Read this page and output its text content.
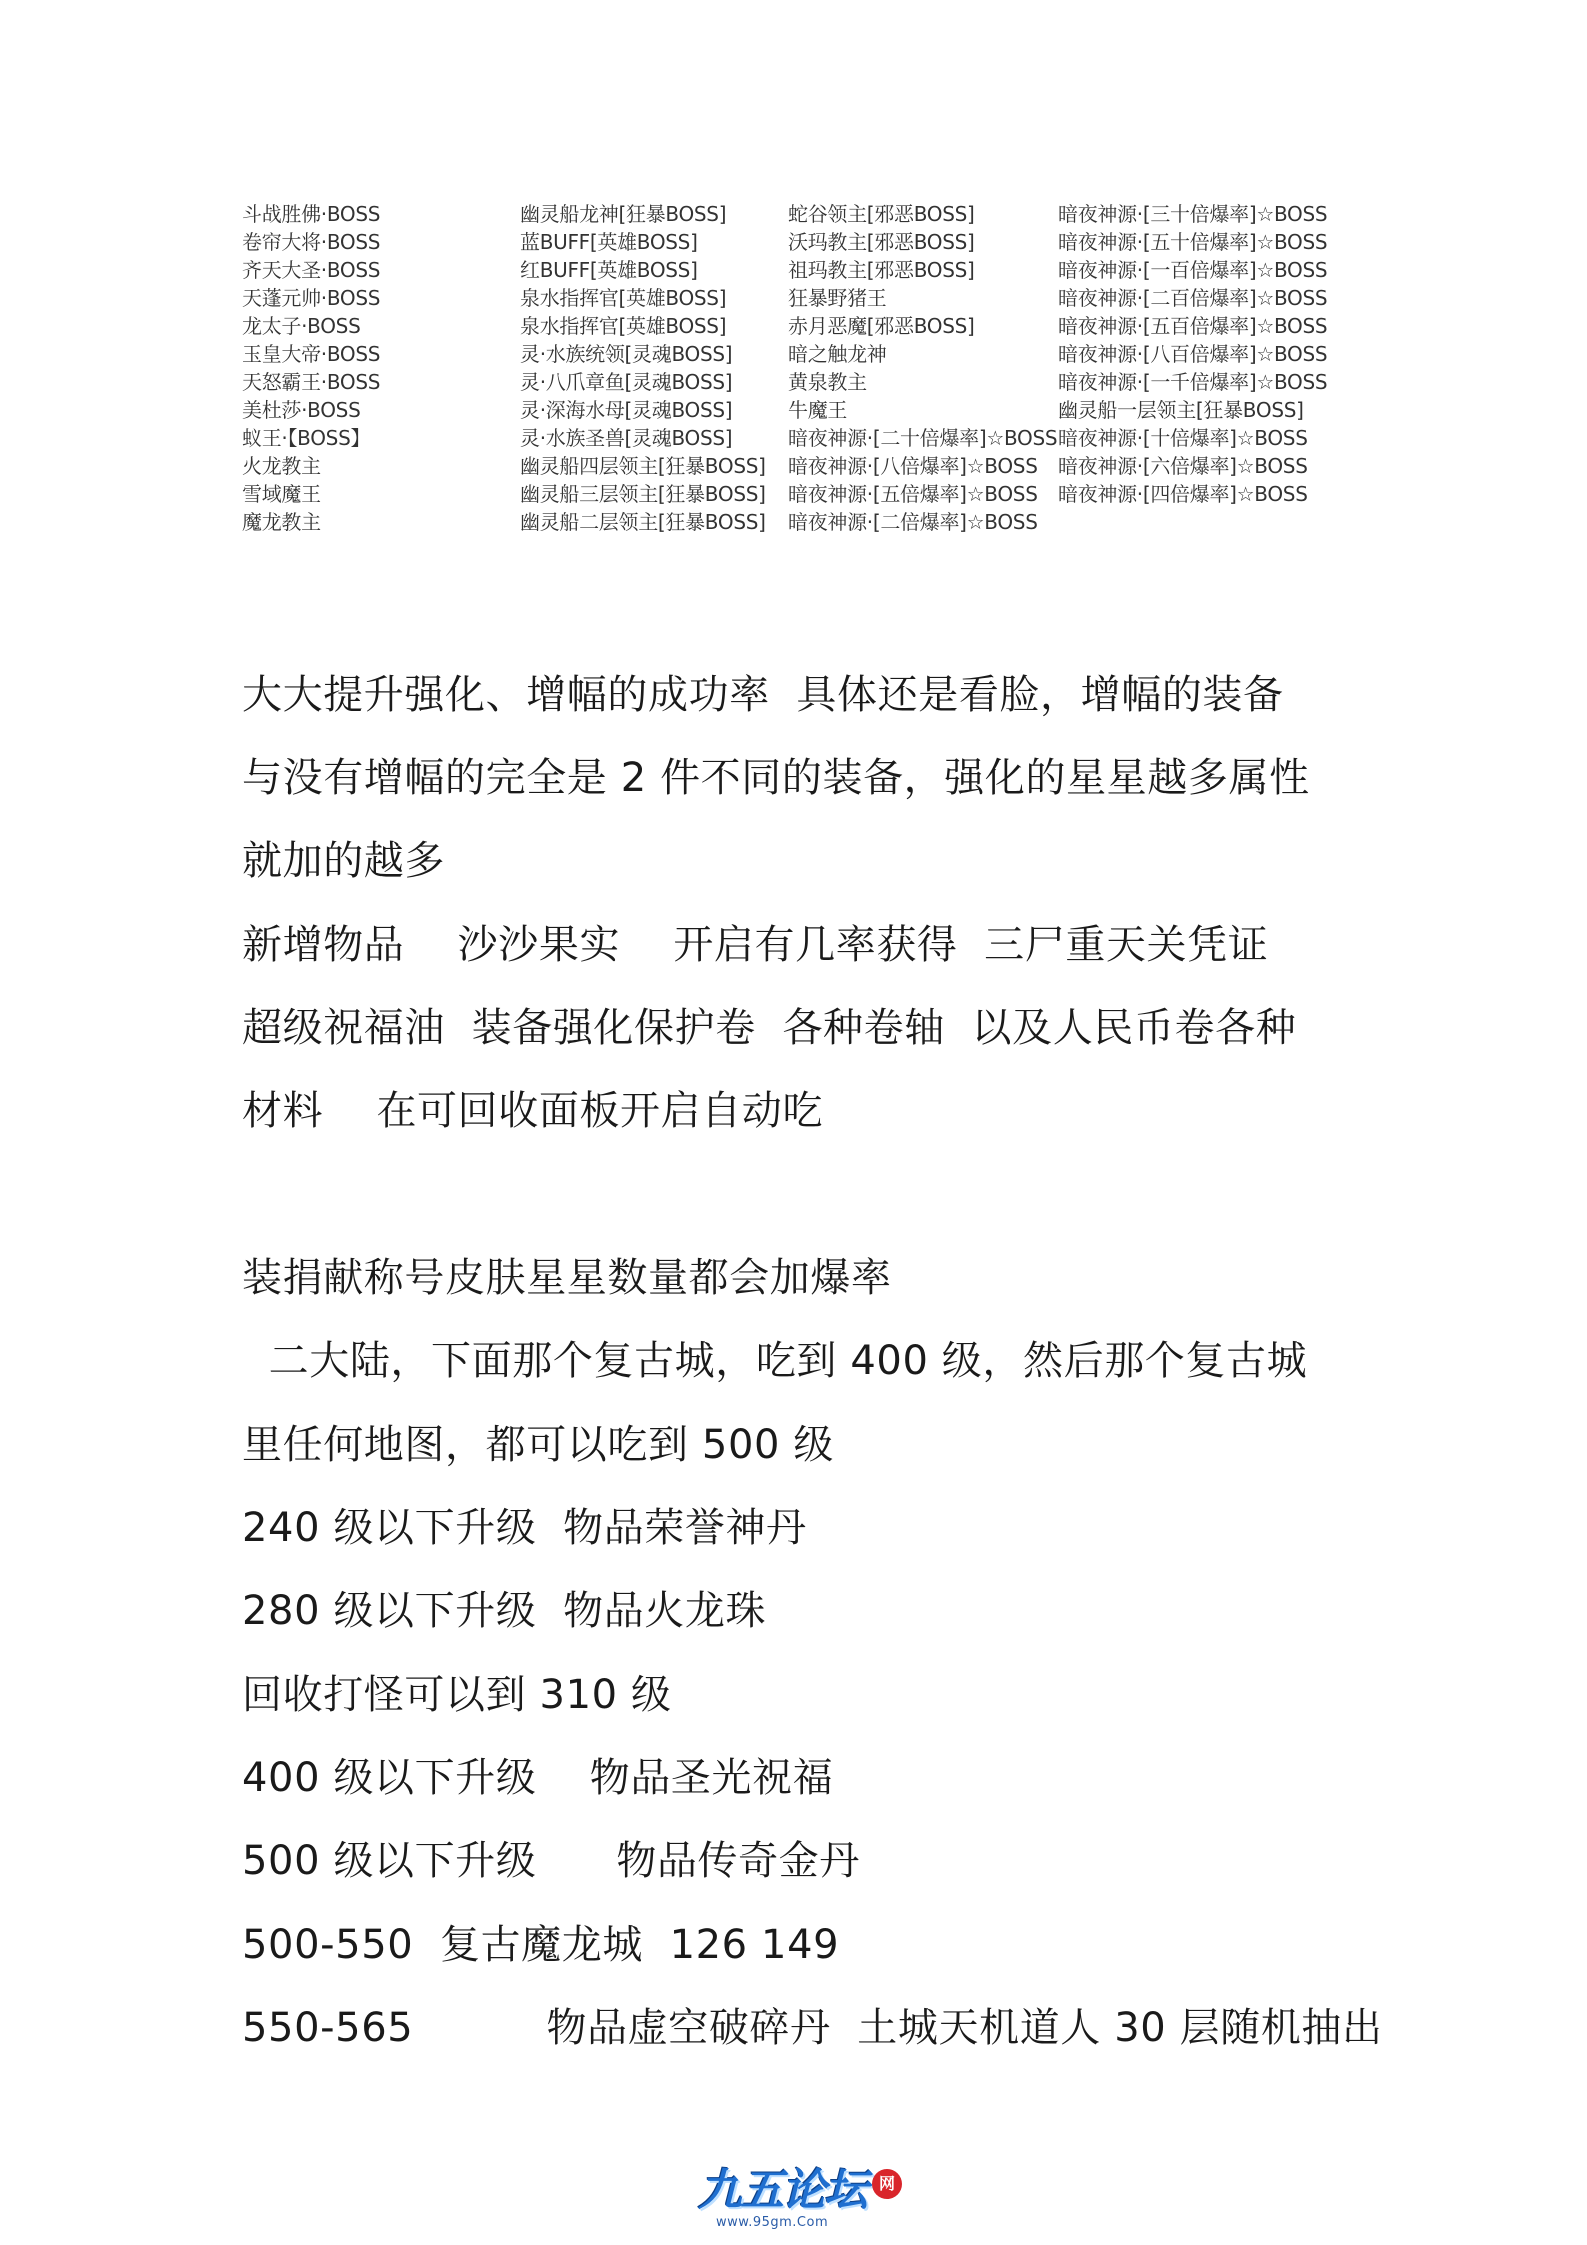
斗战胜佛·BOSS
卷帘大将·BOSS
齐天大圣·BOSS
天蓬元帅·BOSS
龙太子·BOSS
玉皇大帝·BOSS
天怒霸王·BOSS
美杜莎·BOSS
蚁王·【BOSS】
火龙教主
雪域魔王
魔龙教主
幽灵船龙神[狂暴BOSS]
蓝BUFF[英雄BOSS]
红BUFF[英雄BOSS]
泉水指挥官[英雄BOSS]
泉水指挥官[英雄BOSS]
灵·水族统领[灵魂BOSS]
灵·八爪章鱼[灵魂BOSS]
灵·深海水母[灵魂BOSS]
灵·水族圣兽[灵魂BOSS]
幽灵船四层领主[狂暴BOSS]
幽灵船三层领主[狂暴BOSS]
幽灵船二层领主[狂暴BOSS]
蛇谷领主[邪恶BOSS]
沃玛教主[邪恶BOSS]
祖玛教主[邪恶BOSS]
狂暴野猪王
赤月恶魔[邪恶BOSS]
暗之触龙神
黄泉教主
牛魔王
暗夜神源·[二十倍爆率]☆BOSS
暗夜神源·[八倍爆率]☆BOSS
暗夜神源·[五倍爆率]☆BOSS
暗夜神源·[二倍爆率]☆BOSS
暗夜神源·[三十倍爆率]☆BOSS
暗夜神源·[五十倍爆率]☆BOSS
暗夜神源·[一百倍爆率]☆BOSS
暗夜神源·[二百倍爆率]☆BOSS
暗夜神源·[五百倍爆率]☆BOSS
暗夜神源·[八百倍爆率]☆BOSS
暗夜神源·[一千倍爆率]☆BOSS
幽灵船一层领主[狂暴BOSS]
暗夜神源·[十倍爆率]☆BOSS
暗夜神源·[六倍爆率]☆BOSS
暗夜神源·[四倍爆率]☆BOSS
大大提升强化、增幅的成功率  具体还是看脸，增幅的装备
与没有增幅的完全是 2 件不同的装备，强化的星星越多属性
就加的越多
新增物品    沙沙果实    开启有几率获得  三尸重天关凭证
超级祝福油  装备强化保护卷  各种卷轴  以及人民币卷各种
材料    在可回收面板开启自动吃
装捐献称号皮肤星星数量都会加爆率
二大陆，下面那个复古城，吃到 400 级，然后那个复古城
里任何地图，都可以吃到 500 级
240 级以下升级  物品荣誉神丹
280 级以下升级  物品火龙珠
回收打怪可以到 310 级
400 级以下升级    物品圣光祝福
500 级以下升级      物品传奇金丹
500-550  复古魔龙城  126 149
550-565          物品虚空破碎丹  土城天机道人 30 层随机抽出
九五论坛 网
www.95gm.Com
